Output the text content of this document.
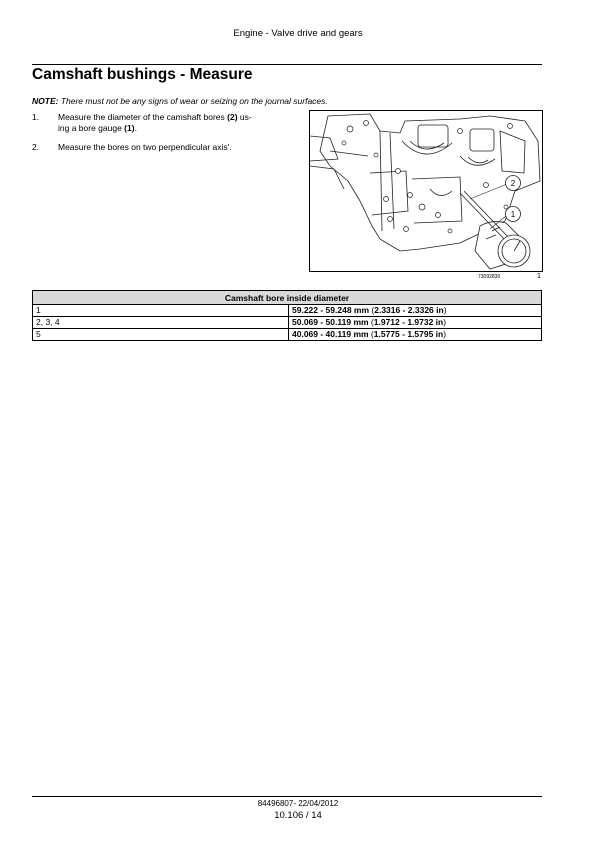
Engine - Valve drive and gears
Camshaft bushings - Measure
NOTE: There must not be any signs of wear or seizing on the journal surfaces.
1.	Measure the diameter of the camshaft bores (2) us-
ing a bore gauge (1).
2.	Measure the bores on two perpendicular axis'.
2
1
73092830	1
Camshaft bore inside diameter	
1	59.222 - 59.248 mm (2.3316 - 2.3326 in)
2, 3, 4	50.069 - 50.119 mm (1.9712 - 1.9732 in)
5	40.069 - 40.119 mm (1.5775 - 1.5795 in)
84496807- 22/04/2012
10.106 / 14
